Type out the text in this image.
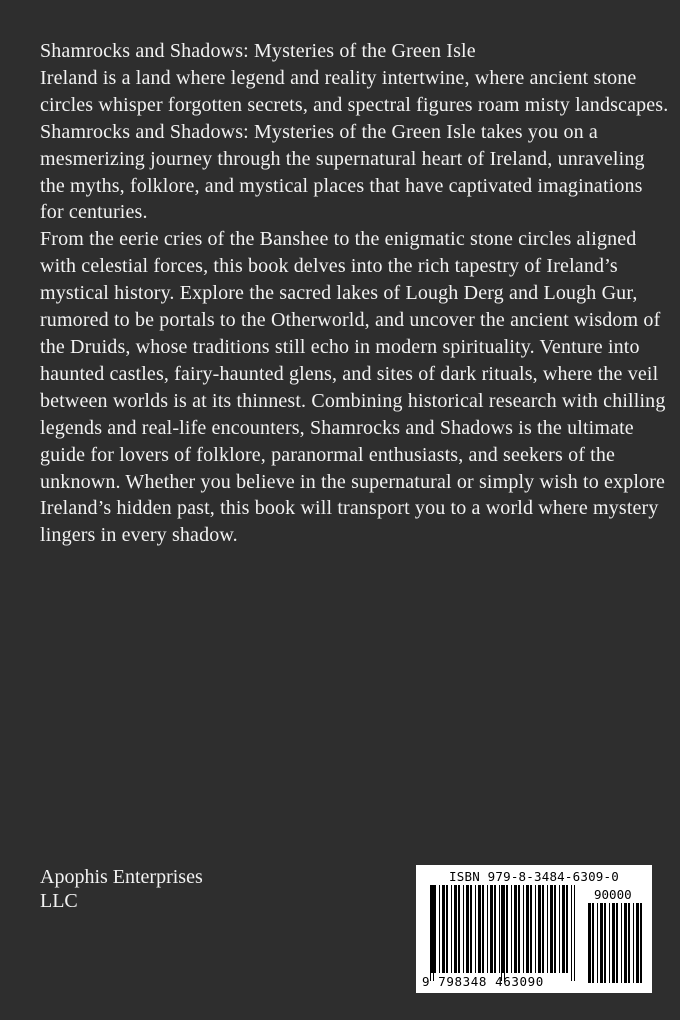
Shamrocks and Shadows: Mysteries of the Green Isle

Ireland is a land where legend and reality intertwine, where ancient stone circles whisper forgotten secrets, and spectral figures roam misty landscapes. Shamrocks and Shadows: Mysteries of the Green Isle takes you on a mesmerizing journey through the supernatural heart of Ireland, unraveling the myths, folklore, and mystical places that have captivated imaginations for centuries.

From the eerie cries of the Banshee to the enigmatic stone circles aligned with celestial forces, this book delves into the rich tapestry of Ireland’s mystical history. Explore the sacred lakes of Lough Derg and Lough Gur, rumored to be portals to the Otherworld, and uncover the ancient wisdom of the Druids, whose traditions still echo in modern spirituality. Venture into haunted castles, fairy-haunted glens, and sites of dark rituals, where the veil between worlds is at its thinnest. Combining historical research with chilling legends and real-life encounters, Shamrocks and Shadows is the ultimate guide for lovers of folklore, paranormal enthusiasts, and seekers of the unknown. Whether you believe in the supernatural or simply wish to explore Ireland’s hidden past, this book will transport you to a world where mystery lingers in every shadow.

Apophis Enterprises
LLC
ISBN 979-8-3484-6309-0
90000
9 798348 463090
